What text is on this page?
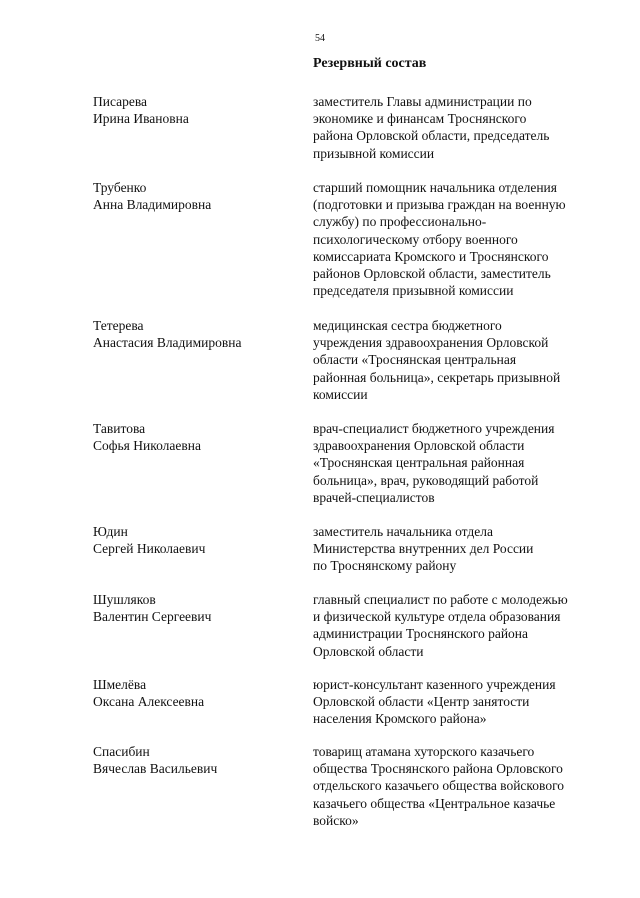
54
Резервный состав
Писарева
Ирина Ивановна
заместитель Главы администрации по
экономике и финансам Троснянского
района Орловской области, председатель
призывной комиссии
Трубенко
Анна Владимировна
старший помощник начальника отделения
(подготовки и призыва граждан на военную
службу) по профессионально-
психологическому отбору военного
комиссариата Кромского и Троснянского
районов Орловской области, заместитель
председателя призывной комиссии
Тетерева
Анастасия Владимировна
медицинская сестра бюджетного
учреждения здравоохранения Орловской
области «Троснянская центральная
районная больница», секретарь призывной
комиссии
Тавитова
Софья Николаевна
врач-специалист бюджетного учреждения
здравоохранения Орловской области
«Троснянская центральная районная
больница», врач, руководящий работой
врачей-специалистов
Юдин
Сергей Николаевич
заместитель начальника отдела
Министерства внутренних дел России
по Троснянскому району
Шушляков
Валентин Сергеевич
главный специалист по работе с молодежью
и физической культуре отдела образования
администрации Троснянского района
Орловской области
Шмелёва
Оксана Алексеевна
юрист-консультант казенного учреждения
Орловской области «Центр занятости
населения Кромского района»
Спасибин
Вячеслав Васильевич
товарищ атамана хуторского казачьего
общества Троснянского района Орловского
отдельского казачьего общества войскового
казачьего общества «Центральное казачье
войско»
